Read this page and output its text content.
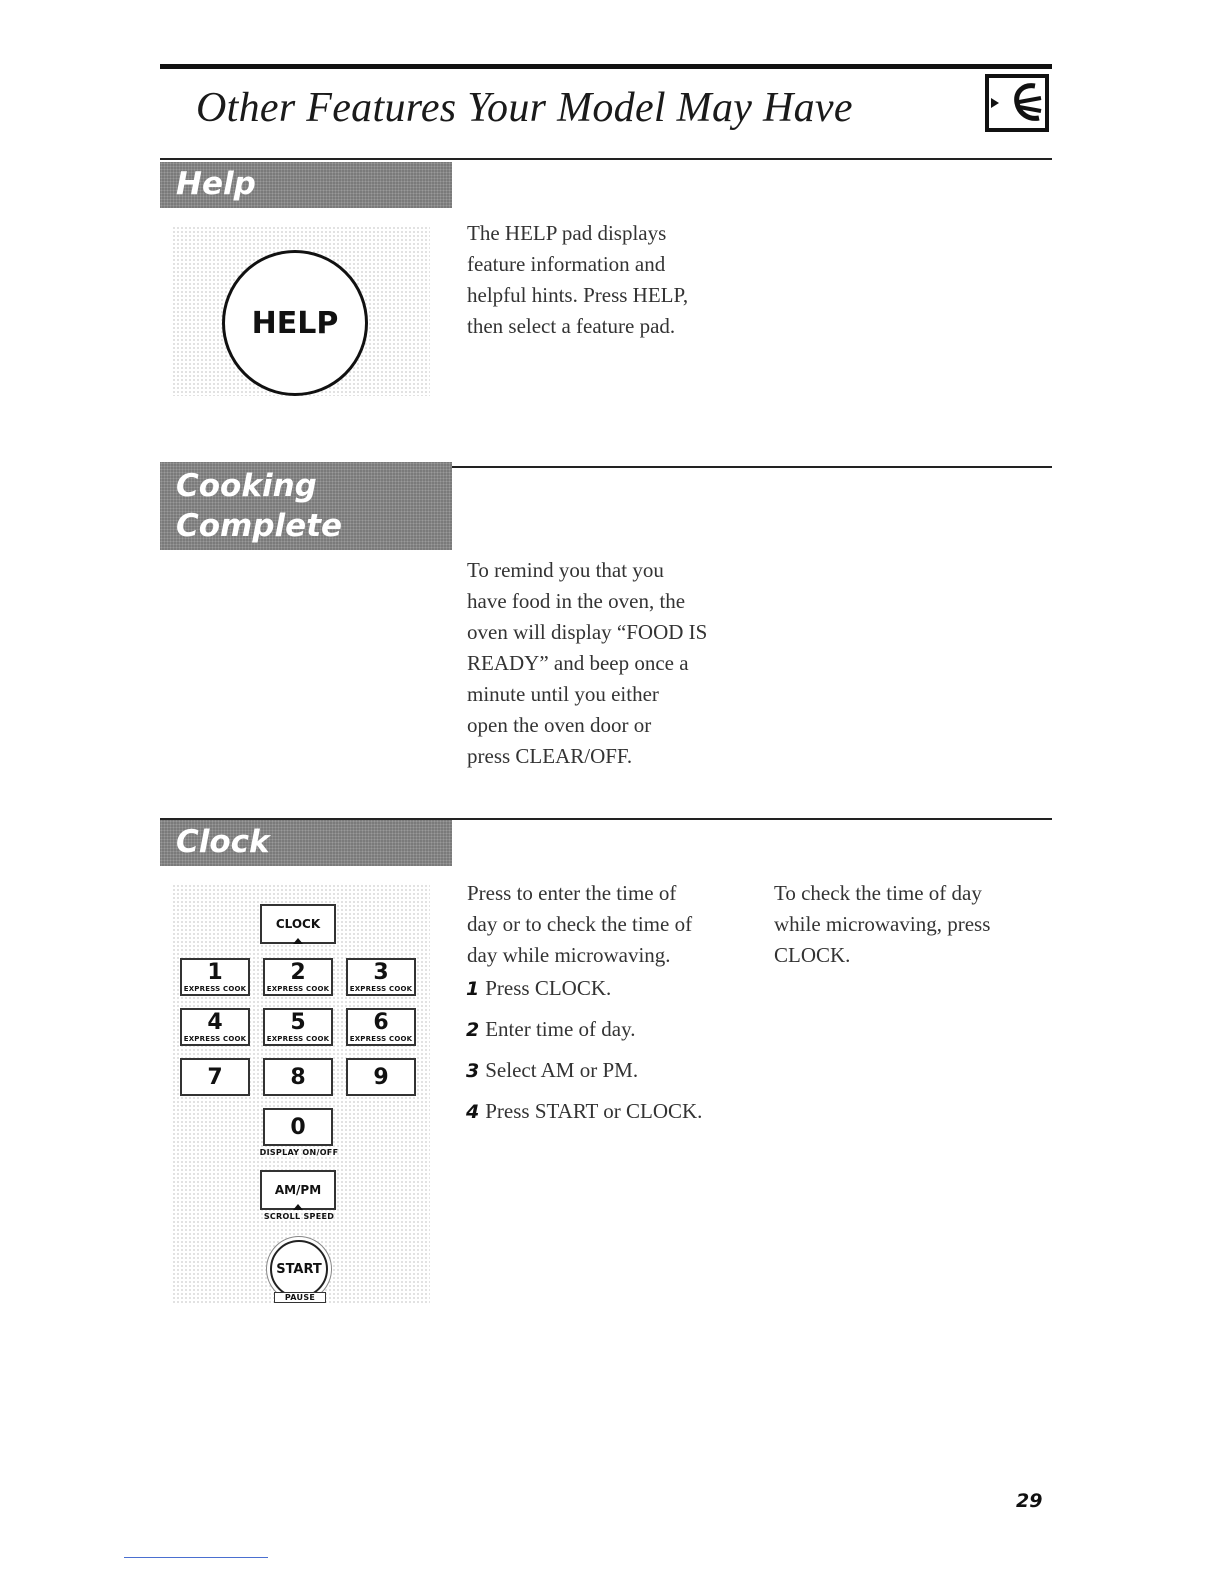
Other Features Your Model May Have
Help
HELP
The HELP pad displays
feature information and
helpful hints. Press HELP,
then select a feature pad.
Cooking Complete
Reminder	To remind you that you
have food in the oven, the
oven will display “FOOD IS
READY” and beep once a
minute until you either
open the oven door or
press CLEAR/OFF.
Clock
CLOCK
1
EXPRESS COOK
2
EXPRESS COOK
3
EXPRESS COOK
4
EXPRESS COOK
5
EXPRESS COOK
6
EXPRESS COOK
7	8	9
0
DISPLAY ON/OFF
AM/PM
SCROLL SPEED
START
PAUSE
Press to enter the time of
day or to check the time of
day while microwaving.
1 Press CLOCK.
2 Enter time of day.
3 Select AM or PM.
4 Press START or CLOCK.
To check the time of day
while microwaving, press
CLOCK.
29
